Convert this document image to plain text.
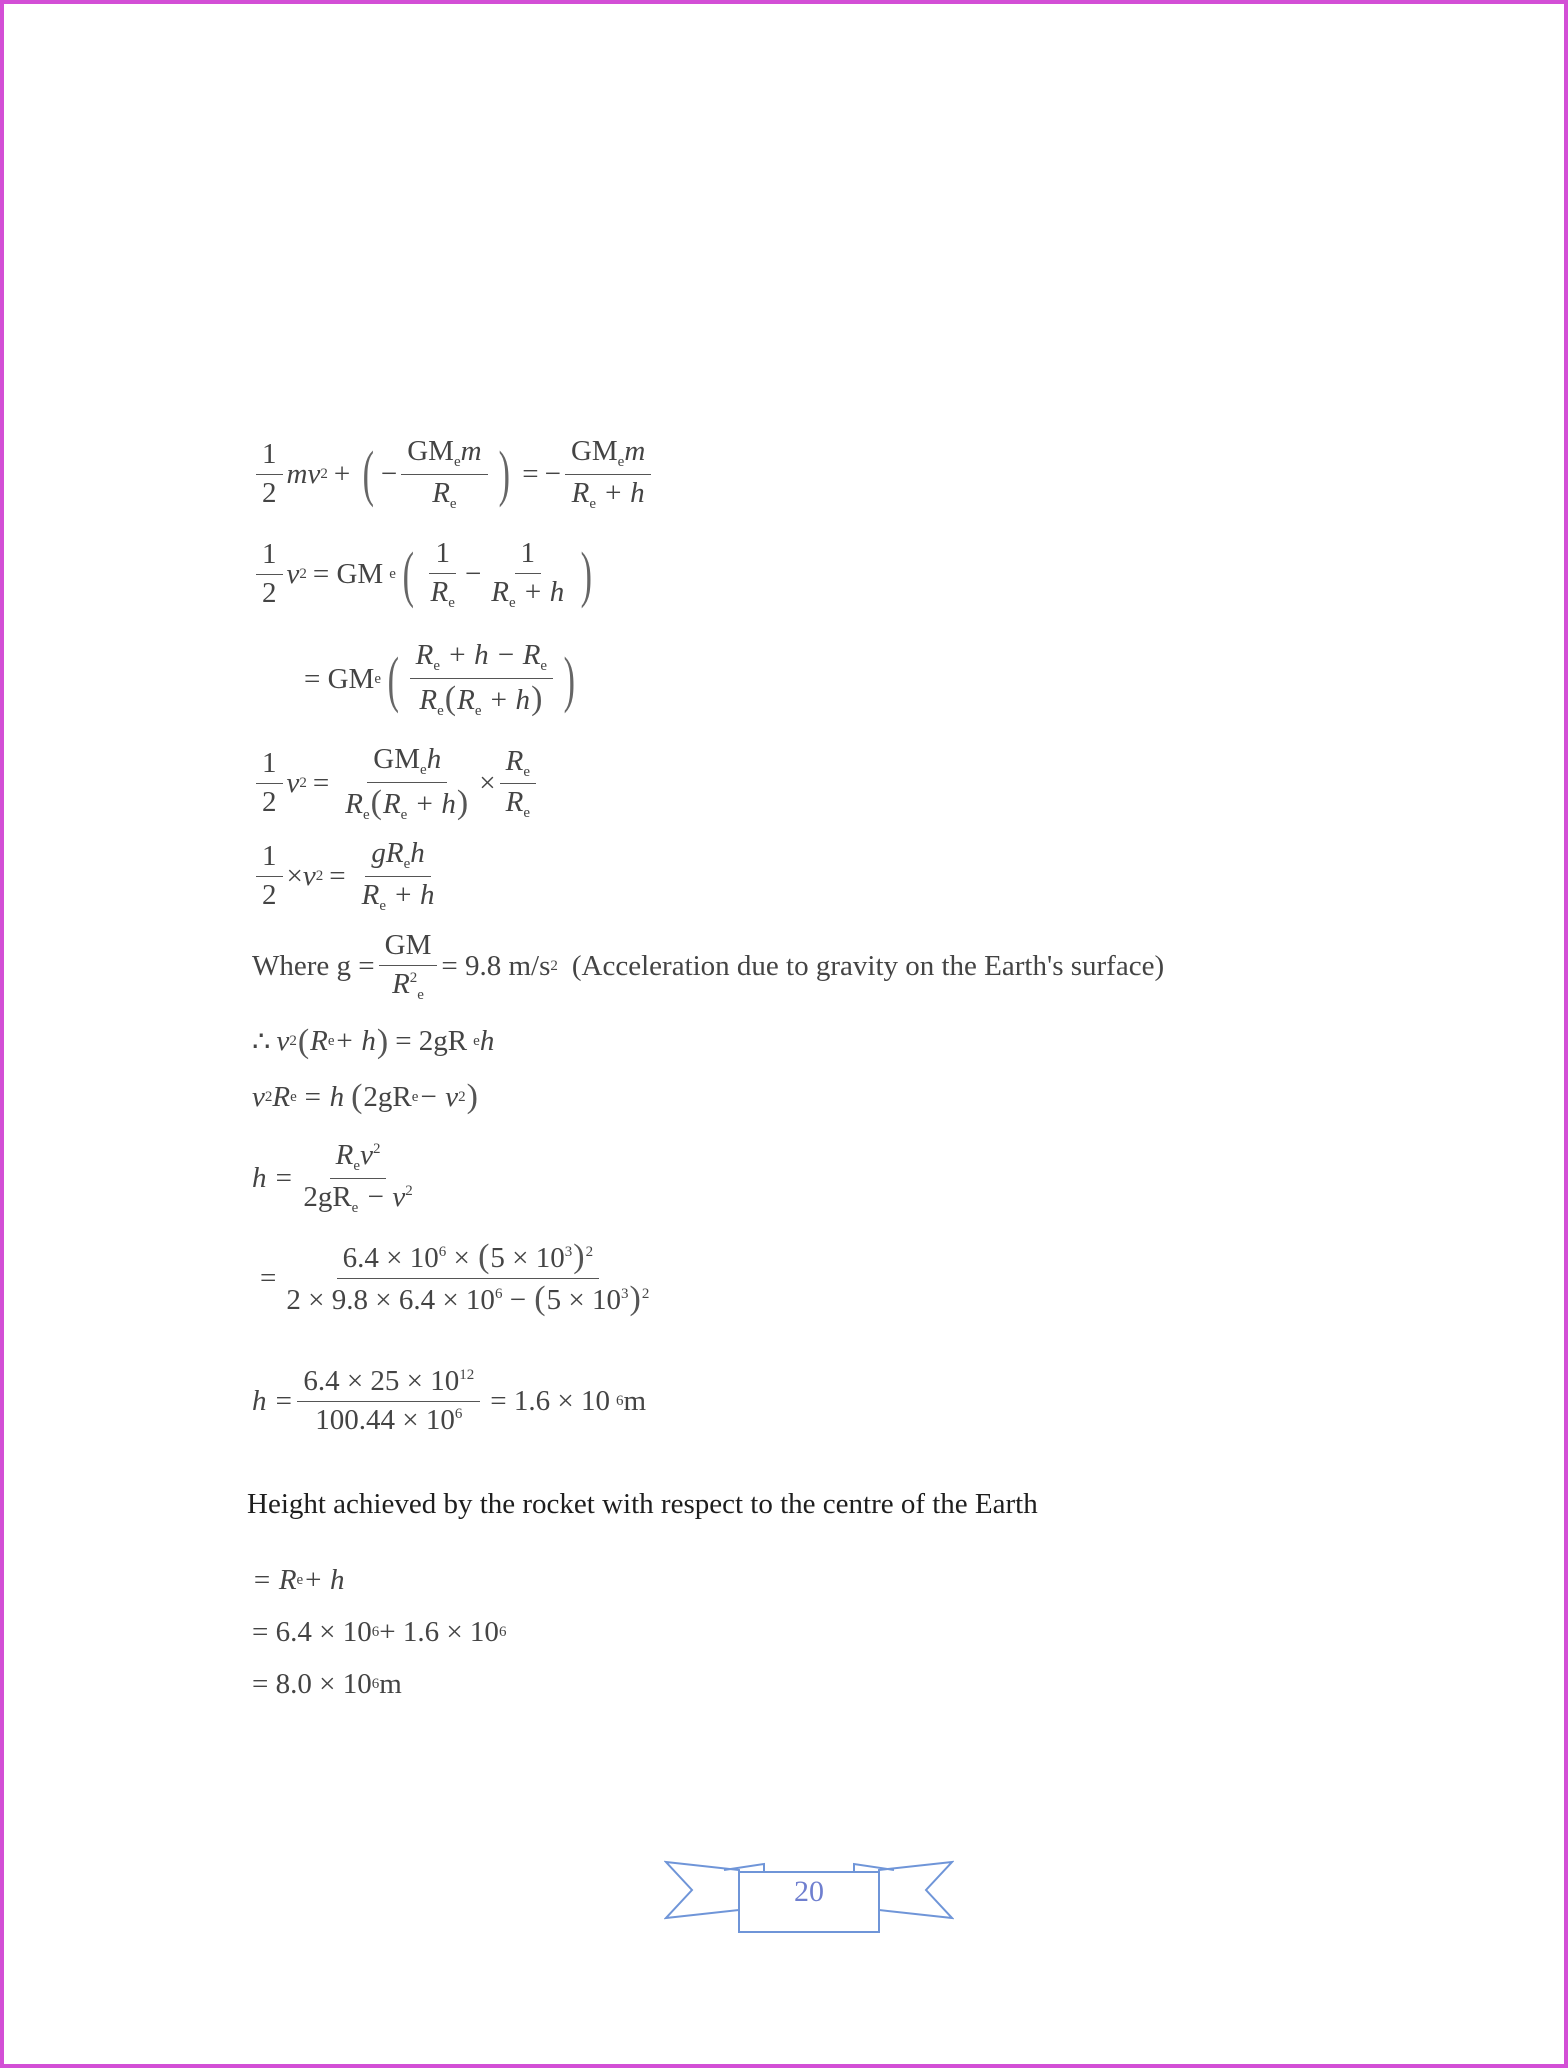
$\frac{1}{2}$ mv 2 + ( − $\frac{GM_em}{R_e}$ ) = − $\frac{GM_em}{R_e + h}$
$\frac{1}{2}$ v 2 = GM e ( $\frac{1}{R_e} - \frac{1}{R_e + h}$ )
= GM e ( $\frac{R_e + h - R_e}{R_e(R_e + h)}$ )
$\frac{1}{2}$ v $2 = \frac{GM_eh}{R_e(R_e + h)} \times \frac{R_e}{R_e}$
$\frac{1}{2} \times v$ $2 = \frac{gR_eh}{R_e + h}$
Where $g = \frac{GM}{R^2_e} = 9.8$ m/s 2 (Acceleration due to gravity on the Earth's surface)
∴ v 2 ( R e + h ) = 2gR e h
v 2 R e = h ( 2gR e − v 2 )
$h = \frac{R_ev^2}{2gR_e - v^2}$
= $\frac{6.4 \times 10^6 \times (5 \times 10^3)^2}{2 \times 9.8 \times 6.4 \times 10^6 - (5 \times 10^3)^2}$
$h = \frac{6.4 \times 25 \times 10^{12}}{100.44 \times 10^6} = 1.6 \times 10$ 6 m
Height achieved by the rocket with respect to the centre of the Earth
= R e + h
= 6.4 × 10 6 + 1.6 × 10 6
= 8.0 × 10 6 m
20
